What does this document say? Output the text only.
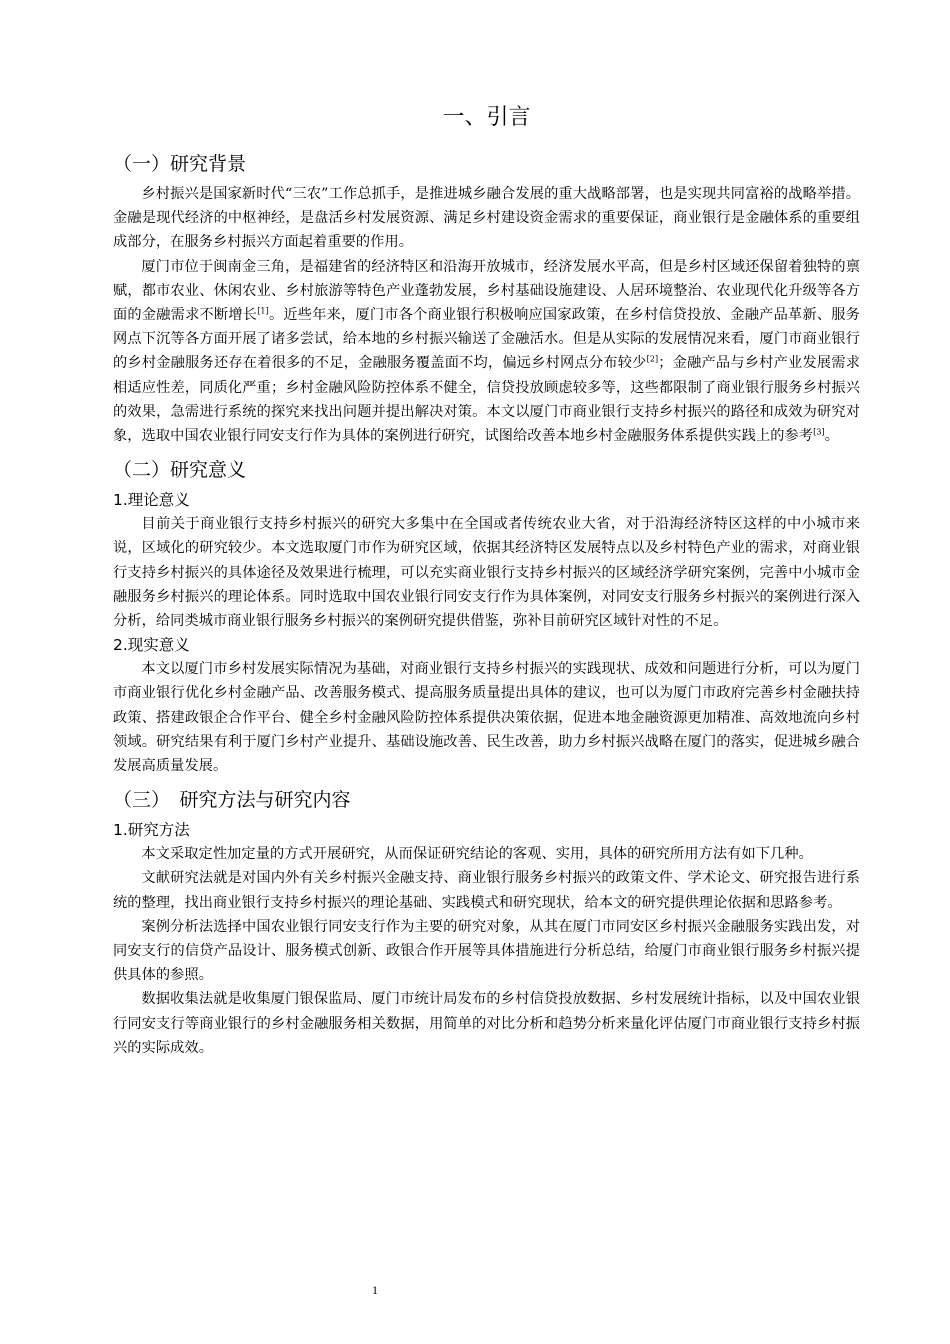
一、引言
（一）研究背景

乡村振兴是国家新时代“三农”工作总抓手，是推进城乡融合发展的重大战略部署，也是实现共同富裕的战略举措。金融是现代经济的中枢神经，是盘活乡村发展资源、满足乡村建设资金需求的重要保证，商业银行是金融体系的重要组成部分，在服务乡村振兴方面起着重要的作用。

厦门市位于闽南金三角，是福建省的经济特区和沿海开放城市，经济发展水平高，但是乡村区域还保留着独特的禀赋，都市农业、休闲农业、乡村旅游等特色产业蓬勃发展，乡村基础设施建设、人居环境整治、农业现代化升级等各方面的金融需求不断增长[1]。近些年来，厦门市各个商业银行积极响应国家政策，在乡村信贷投放、金融产品革新、服务网点下沉等各方面开展了诸多尝试，给本地的乡村振兴输送了金融活水。但是从实际的发展情况来看，厦门市商业银行的乡村金融服务还存在着很多的不足，金融服务覆盖面不均，偏远乡村网点分布较少[2]；金融产品与乡村产业发展需求相适应性差，同质化严重；乡村金融风险防控体系不健全，信贷投放顾虑较多等，这些都限制了商业银行服务乡村振兴的效果，急需进行系统的探究来找出问题并提出解决对策。本文以厦门市商业银行支持乡村振兴的路径和成效为研究对象，选取中国农业银行同安支行作为具体的案例进行研究，试图给改善本地乡村金融服务体系提供实践上的参考[3]。

（二）研究意义
1.理论意义

目前关于商业银行支持乡村振兴的研究大多集中在全国或者传统农业大省，对于沿海经济特区这样的中小城市来说，区域化的研究较少。本文选取厦门市作为研究区域，依据其经济特区发展特点以及乡村特色产业的需求，对商业银行支持乡村振兴的具体途径及效果进行梳理，可以充实商业银行支持乡村振兴的区域经济学研究案例，完善中小城市金融服务乡村振兴的理论体系。同时选取中国农业银行同安支行作为具体案例，对同安支行服务乡村振兴的案例进行深入分析，给同类城市商业银行服务乡村振兴的案例研究提供借鉴，弥补目前研究区域针对性的不足。

2.现实意义

本文以厦门市乡村发展实际情况为基础，对商业银行支持乡村振兴的实践现状、成效和问题进行分析，可以为厦门市商业银行优化乡村金融产品、改善服务模式、提高服务质量提出具体的建议，也可以为厦门市政府完善乡村金融扶持政策、搭建政银企合作平台、健全乡村金融风险防控体系提供决策依据，促进本地金融资源更加精准、高效地流向乡村领域。研究结果有利于厦门乡村产业提升、基础设施改善、民生改善，助力乡村振兴战略在厦门的落实，促进城乡融合发展高质量发展。

（三）　研究方法与研究内容
1.研究方法

本文采取定性加定量的方式开展研究，从而保证研究结论的客观、实用，具体的研究所用方法有如下几种。

文献研究法就是对国内外有关乡村振兴金融支持、商业银行服务乡村振兴的政策文件、学术论文、研究报告进行系统的整理，找出商业银行支持乡村振兴的理论基础、实践模式和研究现状，给本文的研究提供理论依据和思路参考。

案例分析法选择中国农业银行同安支行作为主要的研究对象，从其在厦门市同安区乡村振兴金融服务实践出发，对同安支行的信贷产品设计、服务模式创新、政银合作开展等具体措施进行分析总结，给厦门市商业银行服务乡村振兴提供具体的参照。

数据收集法就是收集厦门银保监局、厦门市统计局发布的乡村信贷投放数据、乡村发展统计指标，以及中国农业银行同安支行等商业银行的乡村金融服务相关数据，用简单的对比分析和趋势分析来量化评估厦门市商业银行支持乡村振兴的实际成效。

1
